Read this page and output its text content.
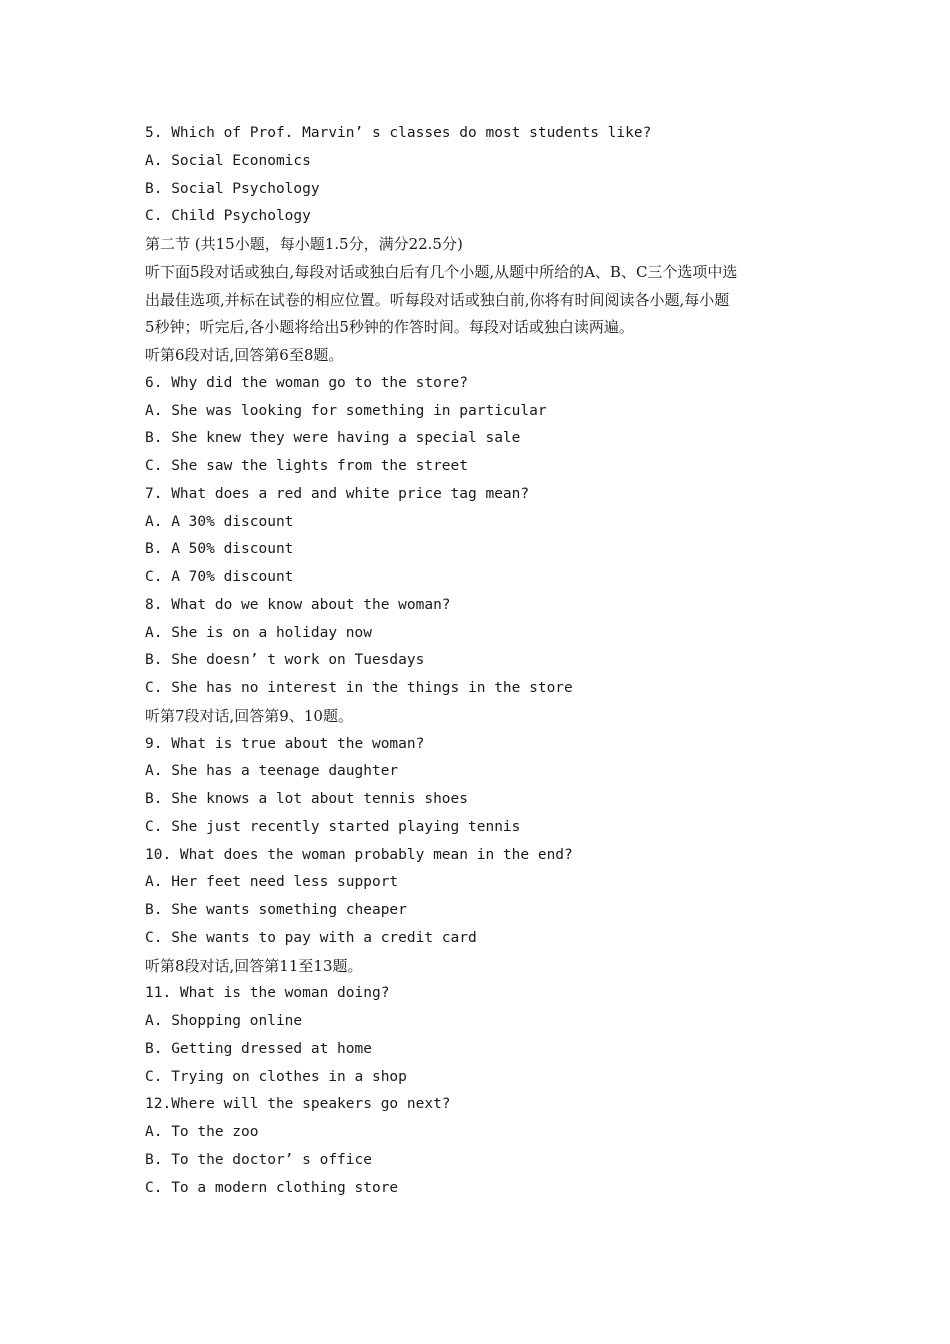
5. Which of Prof. Marvin’ s classes do most students like?
A. Social Economics
B. Social Psychology
C. Child Psychology
第二节 (共15小题，每小题1.5分，满分22.5分)
听下面5段对话或独白,每段对话或独白后有几个小题,从题中所给的A、B、C三个选项中选
出最佳选项,并标在试卷的相应位置。听每段对话或独白前,你将有时间阅读各小题,每小题
5秒钟；听完后,各小题将给出5秒钟的作答时间。每段对话或独白读两遍。
听第6段对话,回答第6至8题。
6. Why did the woman go to the store?
A. She was looking for something in particular
B. She knew they were having a special sale
C. She saw the lights from the street
7. What does a red and white price tag mean?
A. A 30% discount
B. A 50% discount
C. A 70% discount
8. What do we know about the woman?
A. She is on a holiday now
B. She doesn’ t work on Tuesdays
C. She has no interest in the things in the store
听第7段对话,回答第9、10题。
9. What is true about the woman?
A. She has a teenage daughter
B. She knows a lot about tennis shoes
C. She just recently started playing tennis
10. What does the woman probably mean in the end?
A. Her feet need less support
B. She wants something cheaper
C. She wants to pay with a credit card
听第8段对话,回答第11至13题。
11. What is the woman doing?
A. Shopping online
B. Getting dressed at home
C. Trying on clothes in a shop
12.Where will the speakers go next?
A. To the zoo
B. To the doctor’ s office
C. To a modern clothing store
